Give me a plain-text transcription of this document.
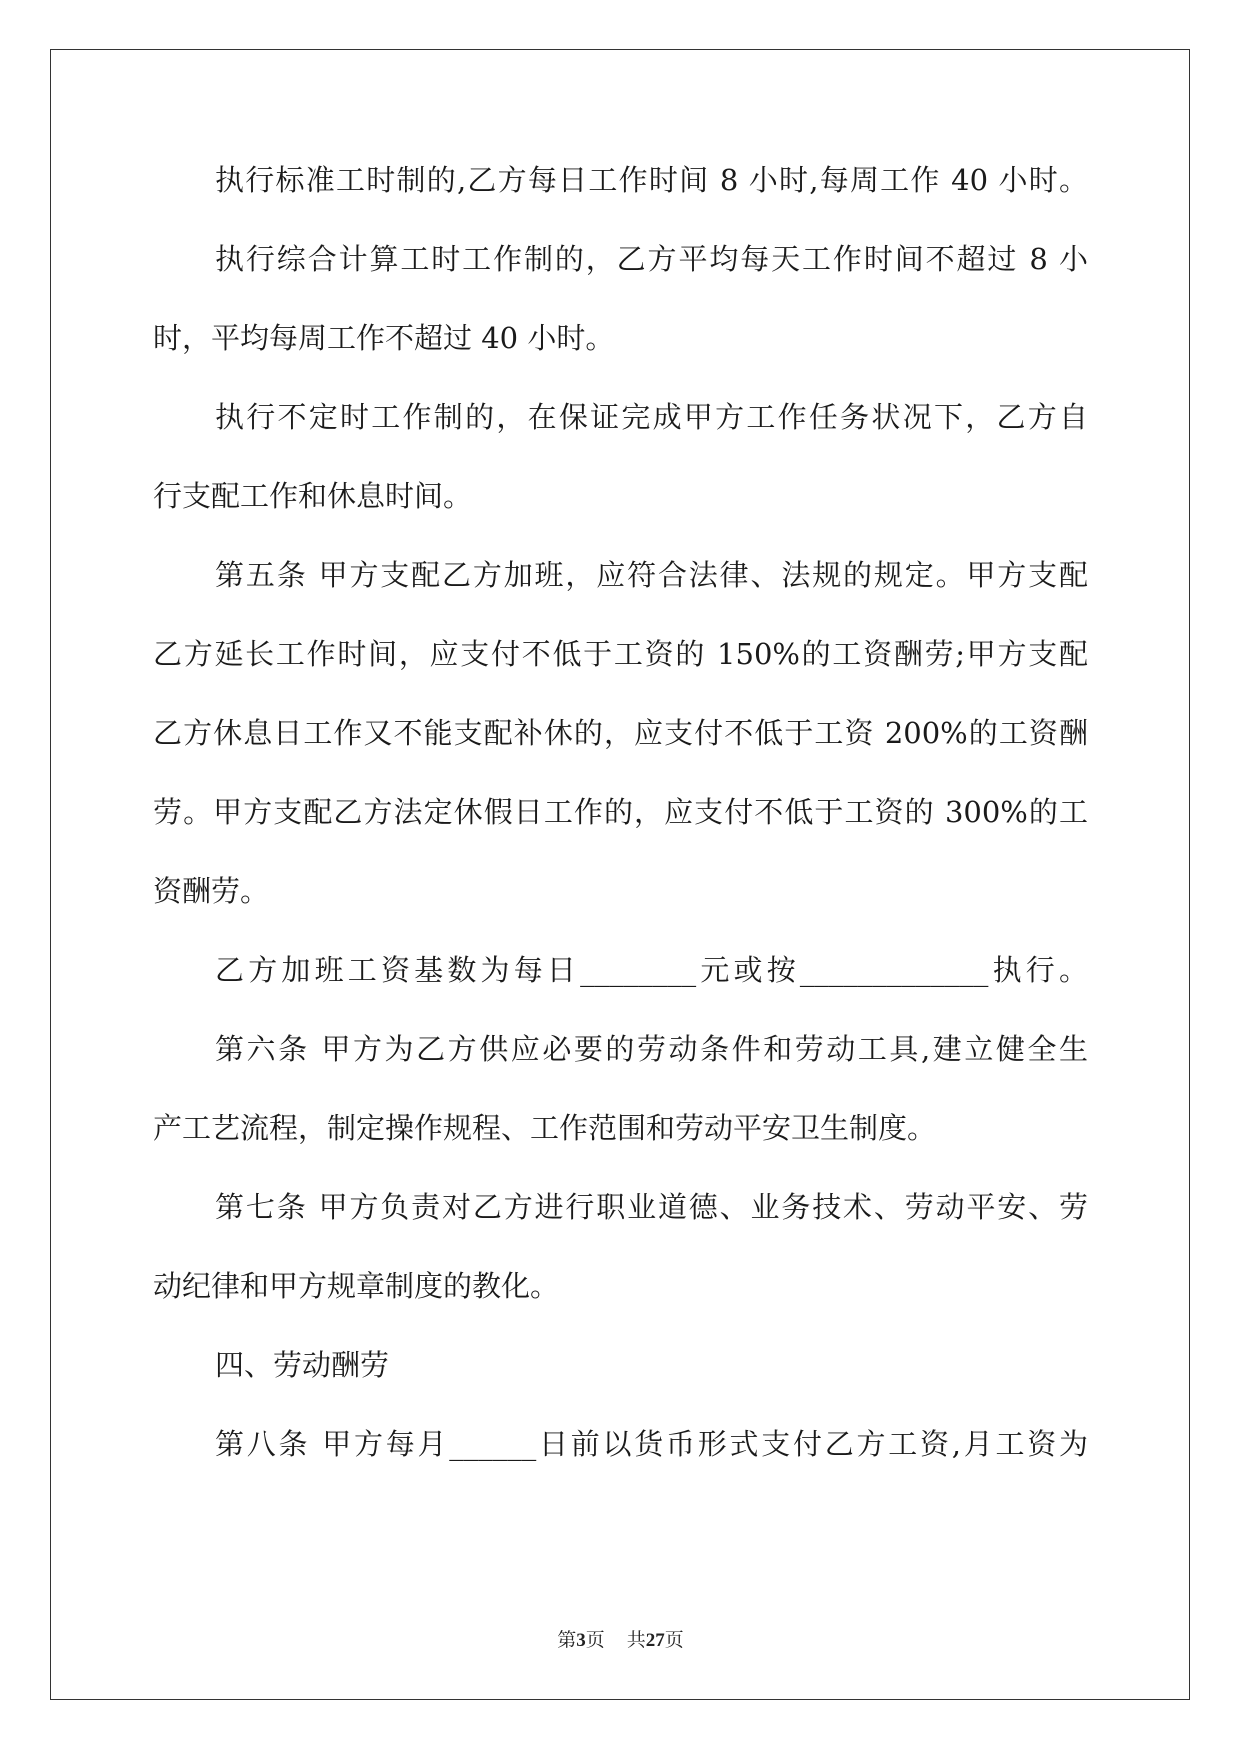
执行标准工时制的,乙方每日工作时间 8 小时,每周工作 40 小时。
执行综合计算工时工作制的，乙方平均每天工作时间不超过 8 小
时，平均每周工作不超过 40 小时。
执行不定时工作制的，在保证完成甲方工作任务状况下，乙方自
行支配工作和休息时间。
第五条 甲方支配乙方加班，应符合法律、法规的规定。甲方支配
乙方延长工作时间，应支付不低于工资的 150%的工资酬劳;甲方支配
乙方休息日工作又不能支配补休的，应支付不低于工资 200%的工资酬
劳。甲方支配乙方法定休假日工作的，应支付不低于工资的 300%的工
资酬劳。
乙方加班工资基数为每日________元或按_____________执行。
第六条 甲方为乙方供应必要的劳动条件和劳动工具,建立健全生
产工艺流程，制定操作规程、工作范围和劳动平安卫生制度。
第七条 甲方负责对乙方进行职业道德、业务技术、劳动平安、劳
动纪律和甲方规章制度的教化。
四、劳动酬劳
第八条 甲方每月______日前以货币形式支付乙方工资,月工资为
第3页 共27页
